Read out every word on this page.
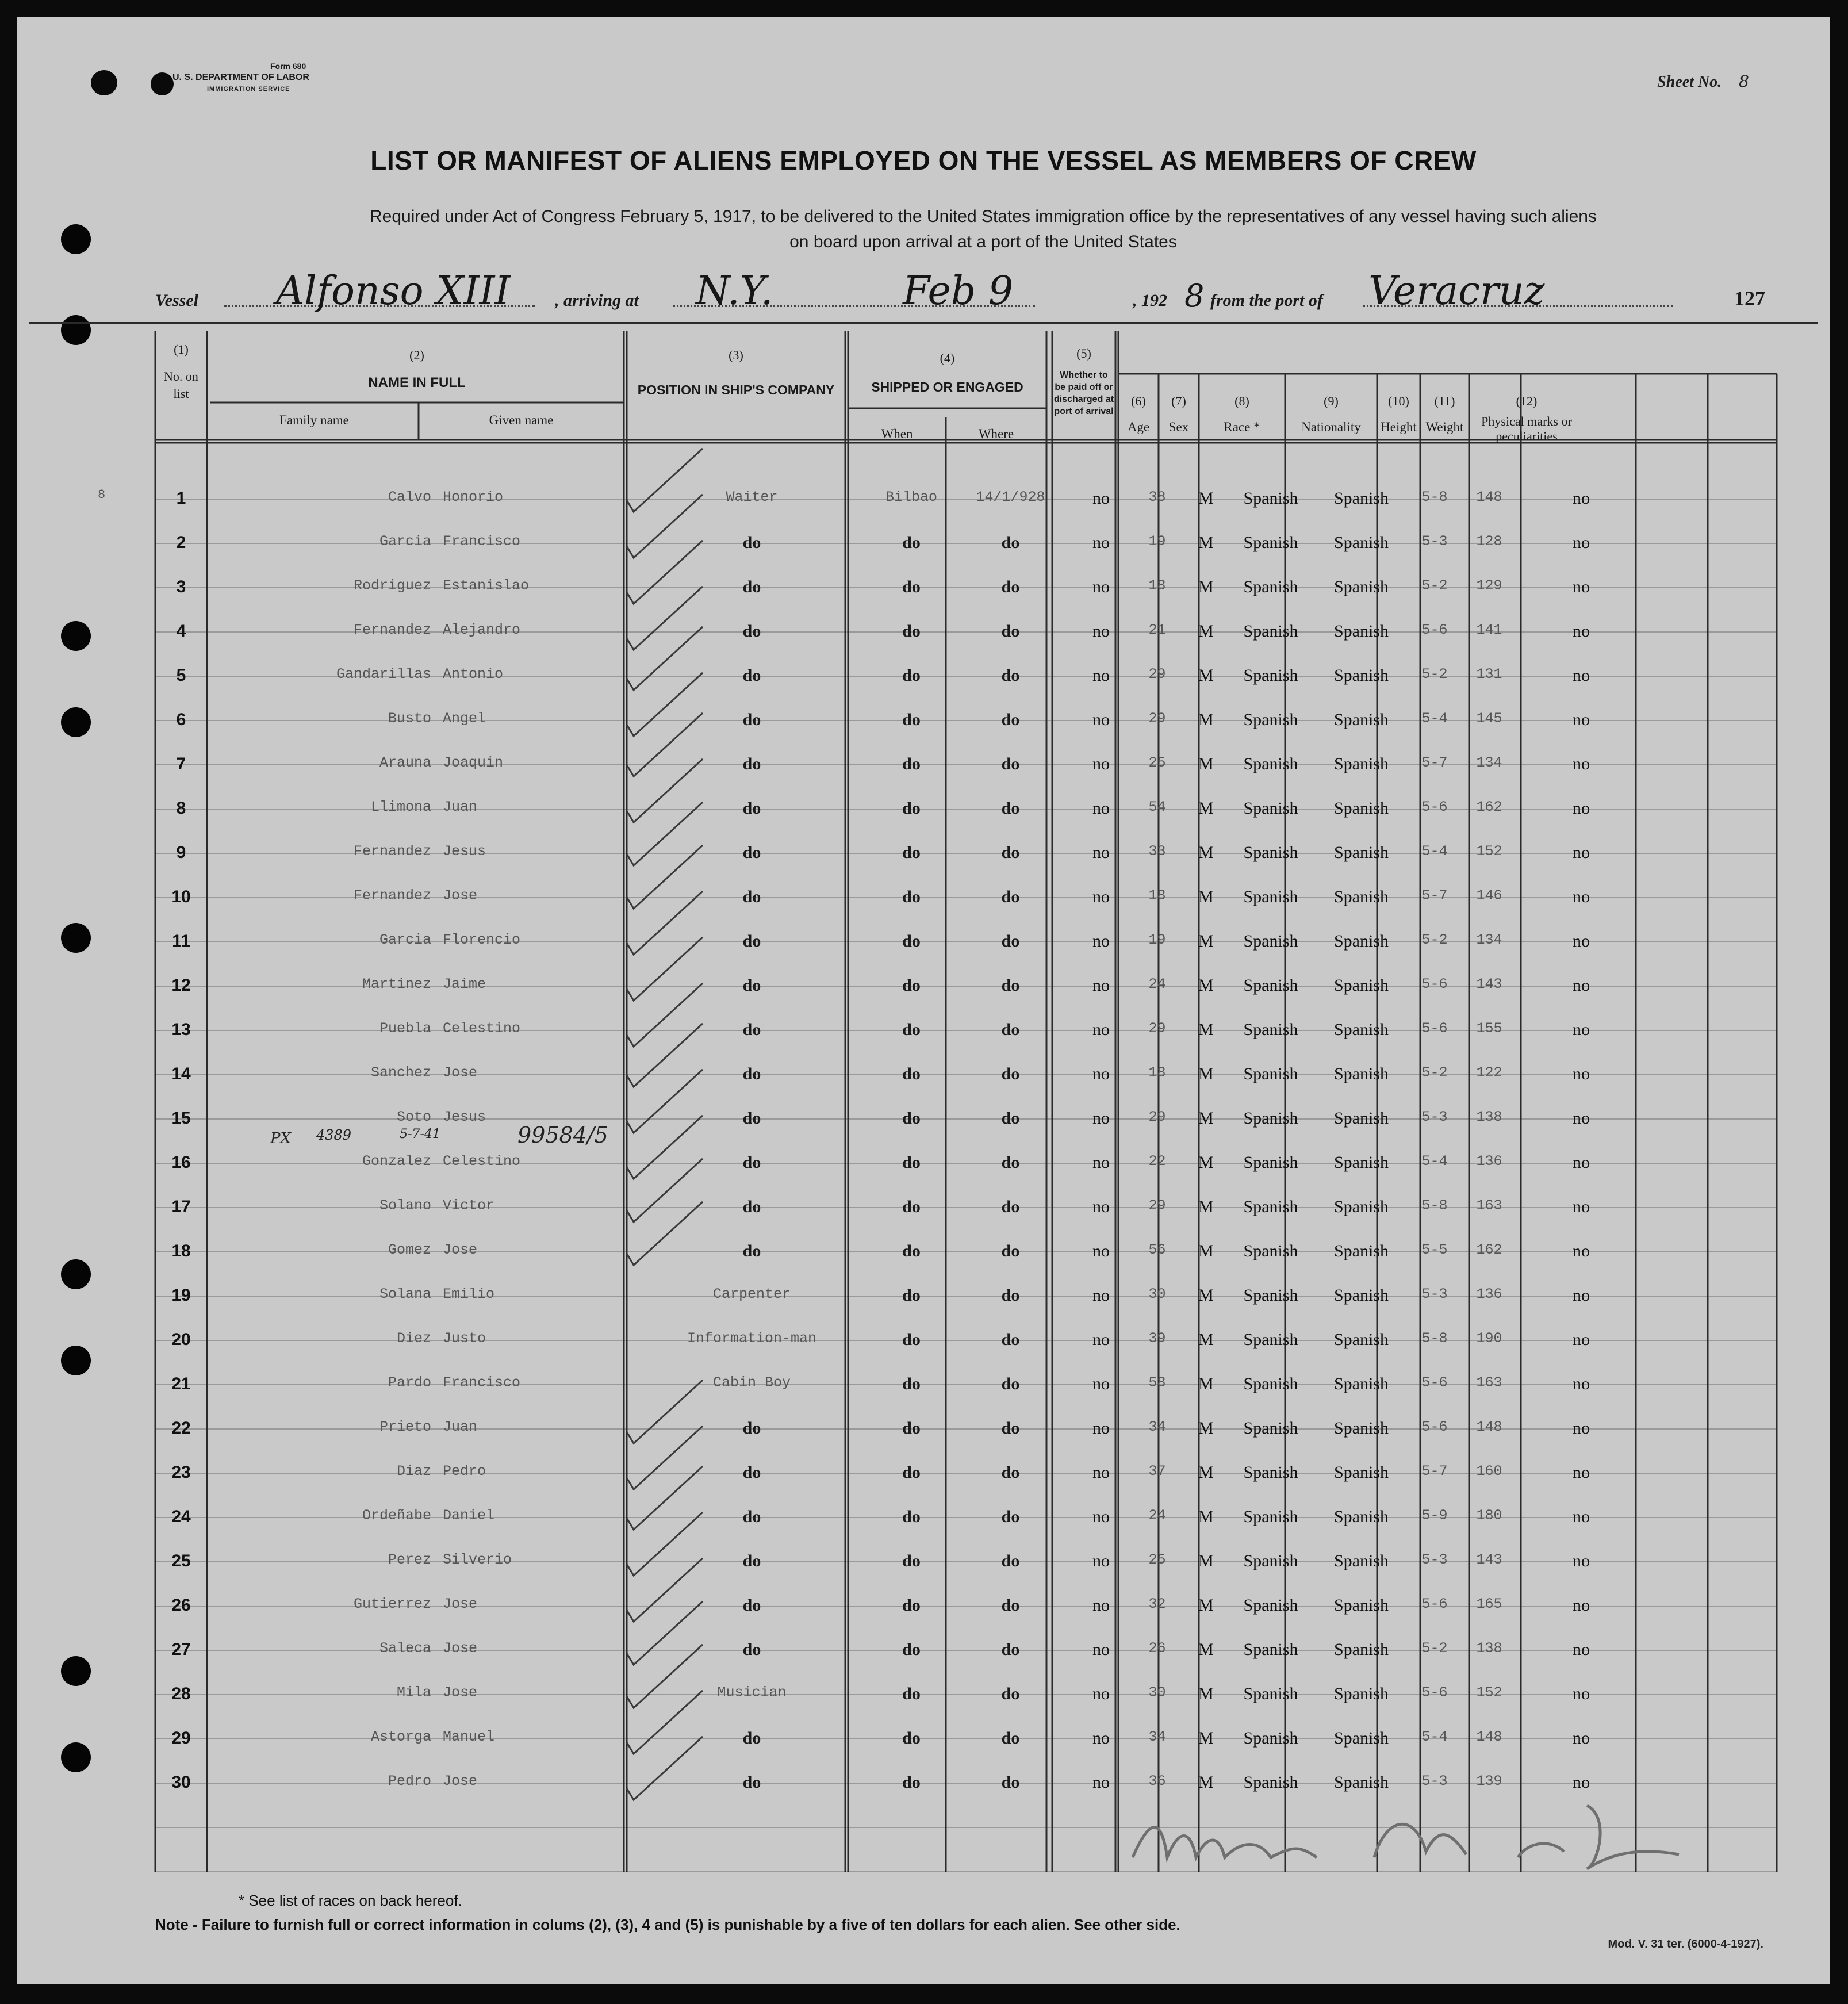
Form 680
U. S. DEPARTMENT OF LABOR
IMMIGRATION SERVICE	Sheet No. 8
LIST OR MANIFEST OF ALIENS EMPLOYED ON THE VESSEL AS MEMBERS OF CREW
Required under Act of Congress February 5, 1917, to be delivered to the United States immigration office by the representatives of any vessel having such aliens
on board upon arrival at a port of the United States
Vessel Alfonso XIII	, arriving at N.Y.	Feb 9	, 192 8 from the port of Veracruz	127
(1)
No. on list
(2)
NAME IN FULL
Family name	Given name
(3)
POSITION IN SHIP'S COMPANY
(4)
SHIPPED OR ENGAGED
When	Where
(5)
Whether to be paid off or discharged at port of arrival
(6)
Age
(7)
Sex
(8)
Race *
(9)
Nationality
(10)
Height
(11)
Weight
(12)
Physical marks or peculiarities
8	1	Calvo Honorio	Waiter	Bilbao	14/1/928	no	38	M	Spanish	Spanish	5-8	148	no
2	Garcia Francisco	do	do	do	no	19	M	Spanish	Spanish	5-3	128	no
3	Rodriguez Estanislao	do	do	do	no	18	M	Spanish	Spanish	5-2	129	no
4	Fernandez Alejandro	do	do	do	no	21	M	Spanish	Spanish	5-6	141	no
5	Gandarillas Antonio	do	do	do	no	29	M	Spanish	Spanish	5-2	131	no
6	Busto Angel	do	do	do	no	29	M	Spanish	Spanish	5-4	145	no
7	Arauna Joaquin	do	do	do	no	25	M	Spanish	Spanish	5-7	134	no
8	Llimona Juan	do	do	do	no	54	M	Spanish	Spanish	5-6	162	no
9	Fernandez Jesus	do	do	do	no	33	M	Spanish	Spanish	5-4	152	no
10	Fernandez Jose	do	do	do	no	18	M	Spanish	Spanish	5-7	146	no
11	Garcia Florencio	do	do	do	no	19	M	Spanish	Spanish	5-2	134	no
12	Martinez Jaime	do	do	do	no	24	M	Spanish	Spanish	5-6	143	no
13	Puebla Celestino	do	do	do	no	29	M	Spanish	Spanish	5-6	155	no
14	Sanchez Jose	do	do	do	no	18	M	Spanish	Spanish	5-2	122	no
15	Soto Jesus	do	do	do	no	29	M	Spanish	Spanish	5-3	138	no
16	Gonzalez Celestino	do	do	do	no	22	M	Spanish	Spanish	5-4	136	no
17	Solano Victor	do	do	do	no	29	M	Spanish	Spanish	5-8	163	no
18	Gomez Jose	do	do	do	no	56	M	Spanish	Spanish	5-5	162	no
19	Solana Emilio	Carpenter	do	do	no	30	M	Spanish	Spanish	5-3	136	no
20	Diez Justo	Information-man	do	do	no	39	M	Spanish	Spanish	5-8	190	no
21	Pardo Francisco	Cabin Boy	do	do	no	58	M	Spanish	Spanish	5-6	163	no
22	Prieto Juan	do	do	do	no	34	M	Spanish	Spanish	5-6	148	no
23	Diaz Pedro	do	do	do	no	37	M	Spanish	Spanish	5-7	160	no
24	Ordeñabe Daniel	do	do	do	no	24	M	Spanish	Spanish	5-9	180	no
25	Perez Silverio	do	do	do	no	25	M	Spanish	Spanish	5-3	143	no
26	Gutierrez Jose	do	do	do	no	32	M	Spanish	Spanish	5-6	165	no
27	Saleca Jose	do	do	do	no	26	M	Spanish	Spanish	5-2	138	no
28	Mila Jose	Musician	do	do	no	30	M	Spanish	Spanish	5-6	152	no
29	Astorga Manuel	do	do	do	no	34	M	Spanish	Spanish	5-4	148	no
30	Pedro Jose	do	do	do	no	36	M	Spanish	Spanish	5-3	139	no
PX 4389	5-7-41	99584/5
* See list of races on back hereof.
Note - Failure to furnish full or correct information in colums (2), (3), 4 and (5) is punishable by a five of ten dollars for each alien. See other side.
Mod. V. 31 ter. (6000-4-1927).
